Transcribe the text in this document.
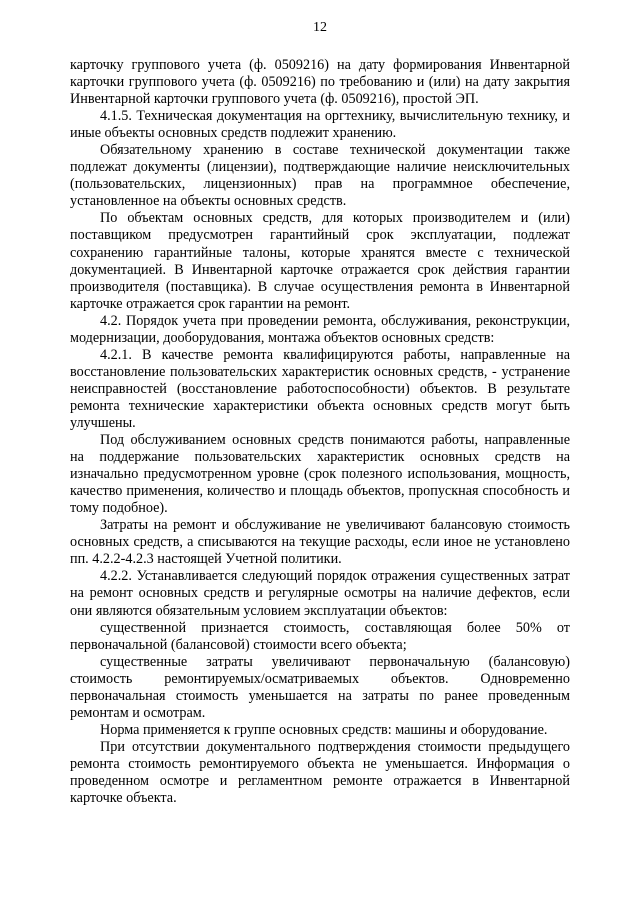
12

карточку группового учета (ф. 0509216) на дату формирования Инвентарной карточки группового учета (ф. 0509216) по требованию и (или) на дату закрытия Инвентарной карточки группового учета (ф. 0509216), простой ЭП.

4.1.5. Техническая документация на оргтехнику, вычислительную технику, и иные объекты основных средств подлежит хранению.

Обязательному хранению в составе технической документации также подлежат документы (лицензии), подтверждающие наличие неисключительных (пользовательских, лицензионных) прав на программное обеспечение, установленное на объекты основных средств.

По объектам основных средств, для которых производителем и (или) поставщиком предусмотрен гарантийный срок эксплуатации, подлежат сохранению гарантийные талоны, которые хранятся вместе с технической документацией. В Инвентарной карточке отражается срок действия гарантии производителя (поставщика). В случае осуществления ремонта в Инвентарной карточке отражается срок гарантии на ремонт.

4.2. Порядок учета при проведении ремонта, обслуживания, реконструкции, модернизации, дооборудования, монтажа объектов основных средств:

4.2.1. В качестве ремонта квалифицируются работы, направленные на восстановление пользовательских характеристик основных средств, - устранение неисправностей (восстановление работоспособности) объектов. В результате ремонта технические характеристики объекта основных средств могут быть улучшены.

Под обслуживанием основных средств понимаются работы, направленные на поддержание пользовательских характеристик основных средств на изначально предусмотренном уровне (срок полезного использования, мощность, качество применения, количество и площадь объектов, пропускная способность и тому подобное).

Затраты на ремонт и обслуживание не увеличивают балансовую стоимость основных средств, а списываются на текущие расходы, если иное не установлено пп. 4.2.2-4.2.3 настоящей Учетной политики.

4.2.2. Устанавливается следующий порядок отражения существенных затрат на ремонт основных средств и регулярные осмотры на наличие дефектов, если они являются обязательным условием эксплуатации объектов:

существенной признается стоимость, составляющая более 50% от первоначальной (балансовой) стоимости всего объекта;

существенные затраты увеличивают первоначальную (балансовую) стоимость ремонтируемых/осматриваемых объектов. Одновременно первоначальная стоимость уменьшается на затраты по ранее проведенным ремонтам и осмотрам.

Норма применяется к группе основных средств: машины и оборудование.

При отсутствии документального подтверждения стоимости предыдущего ремонта стоимость ремонтируемого объекта не уменьшается. Информация о проведенном осмотре и регламентном ремонте отражается в Инвентарной карточке объекта.
